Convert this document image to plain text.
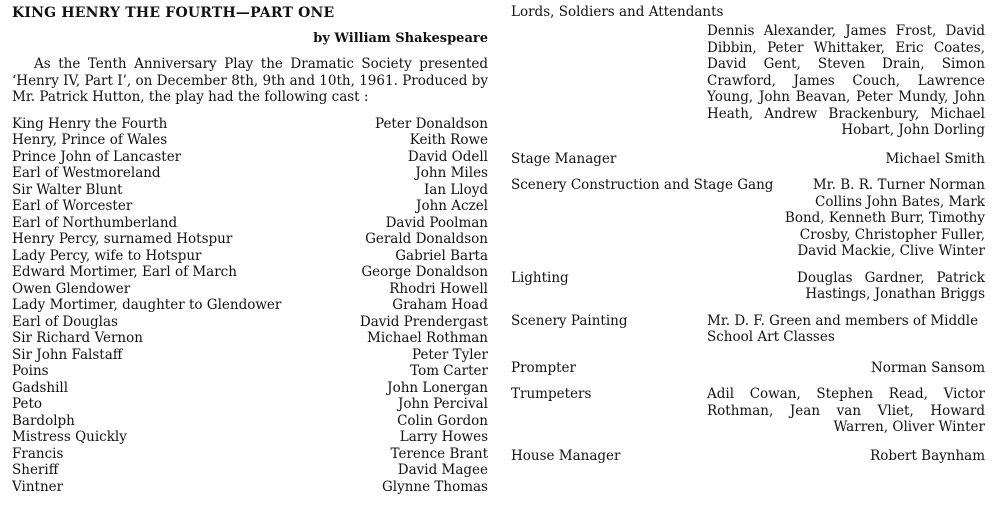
KING HENRY THE FOURTH—PART ONE
by William Shakespeare

As the Tenth Anniversary Play the Dramatic Society presented ‘Henry IV, Part I’, on December 8th, 9th and 10th, 1961. Produced by Mr. Patrick Hutton, the play had the following cast :

King Henry the Fourth	Peter Donaldson
Henry, Prince of Wales	Keith Rowe
Prince John of Lancaster	David Odell
Earl of Westmoreland	John Miles
Sir Walter Blunt	Ian Lloyd
Earl of Worcester	John Aczel
Earl of Northumberland	David Poolman
Henry Percy, surnamed Hotspur	Gerald Donaldson
Lady Percy, wife to Hotspur	Gabriel Barta
Edward Mortimer, Earl of March	George Donaldson
Owen Glendower	Rhodri Howell
Lady Mortimer, daughter to Glendower	Graham Hoad
Earl of Douglas	David Prendergast
Sir Richard Vernon	Michael Rothman
Sir John Falstaff	Peter Tyler
Poins	Tom Carter
Gadshill	John Lonergan
Peto	John Percival
Bardolph	Colin Gordon
Mistress Quickly	Larry Howes
Francis	Terence Brant
Sheriff	David Magee
Vintner	Glynne Thomas
Lords, Soldiers and Attendants
Dennis Alexander, James Frost, David Dibbin, Peter Whittaker, Eric Coates, David Gent, Steven Drain, Simon Crawford, James Couch, Lawrence Young, John Beavan, Peter Mundy, John Heath, Andrew Brackenbury, Michael Hobart, John Dorling
Stage Manager	Michael Smith
Scenery Construction and Stage Gang	Mr. B. R. Turner Norman Collins John Bates, Mark Bond, Kenneth Burr, Timothy Crosby, Christopher Fuller, David Mackie, Clive Winter
Lighting	Douglas Gardner, Patrick Hastings, Jonathan Briggs
Scenery Painting	Mr. D. F. Green and members of Middle School Art Classes
Prompter	Norman Sansom
Trumpeters	Adil Cowan, Stephen Read, Victor Rothman, Jean van Vliet, Howard Warren, Oliver Winter
House Manager	Robert Baynham
